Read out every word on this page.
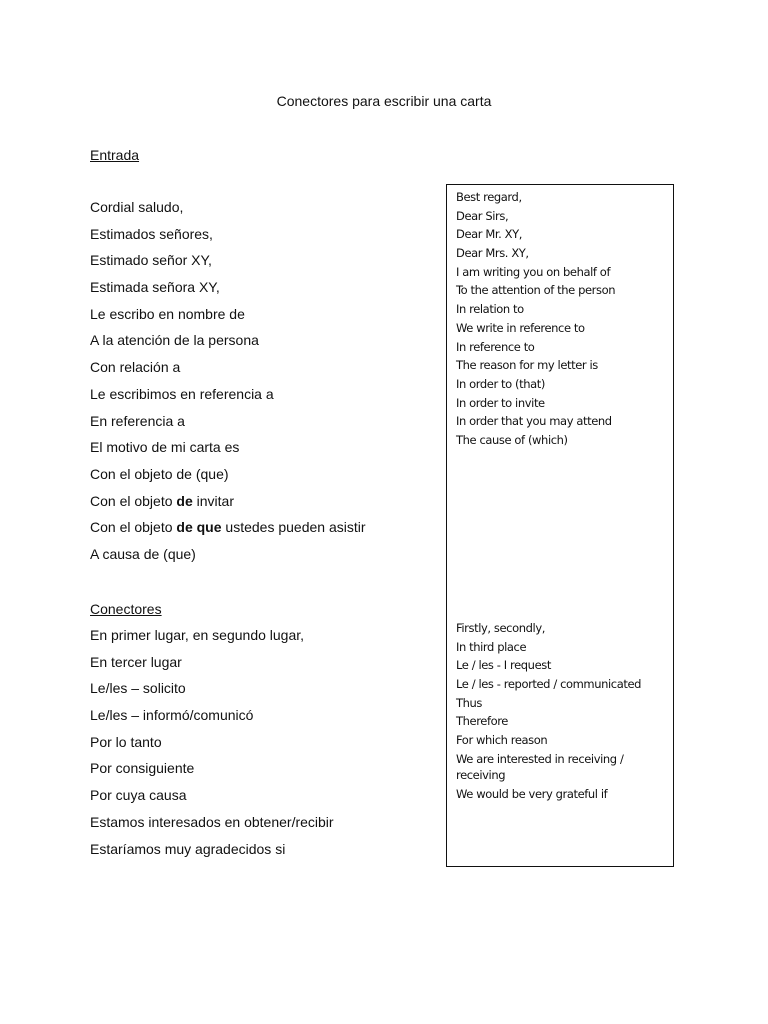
Conectores para escribir una carta
Entrada
Cordial saludo,
Estimados señores,
Estimado señor XY,
Estimada señora XY,
Le escribo en nombre de
A la atención de la persona
Con relación a
Le escribimos en referencia a
En referencia a
El motivo de mi carta es
Con el objeto de (que)
Con el objeto de invitar
Con el objeto de que ustedes pueden asistir
A causa de (que)
Conectores
En primer lugar, en segundo lugar,
En tercer lugar
Le/les – solicito
Le/les – informó/comunicó
Por lo tanto
Por consiguiente
Por cuya causa
Estamos interesados en obtener/recibir
Estaríamos muy agradecidos si
Best regard,
Dear Sirs,
Dear Mr. XY,
Dear Mrs. XY,
I am writing you on behalf of
To the attention of the person
In relation to
We write in reference to
In reference to
The reason for my letter is
In order to (that)
In order to invite
In order that you may attend
The cause of (which)
Firstly, secondly,
In third place
Le / les - I request
Le / les - reported / communicated
Thus
Therefore
For which reason
We are interested in receiving / receiving
We would be very grateful if
